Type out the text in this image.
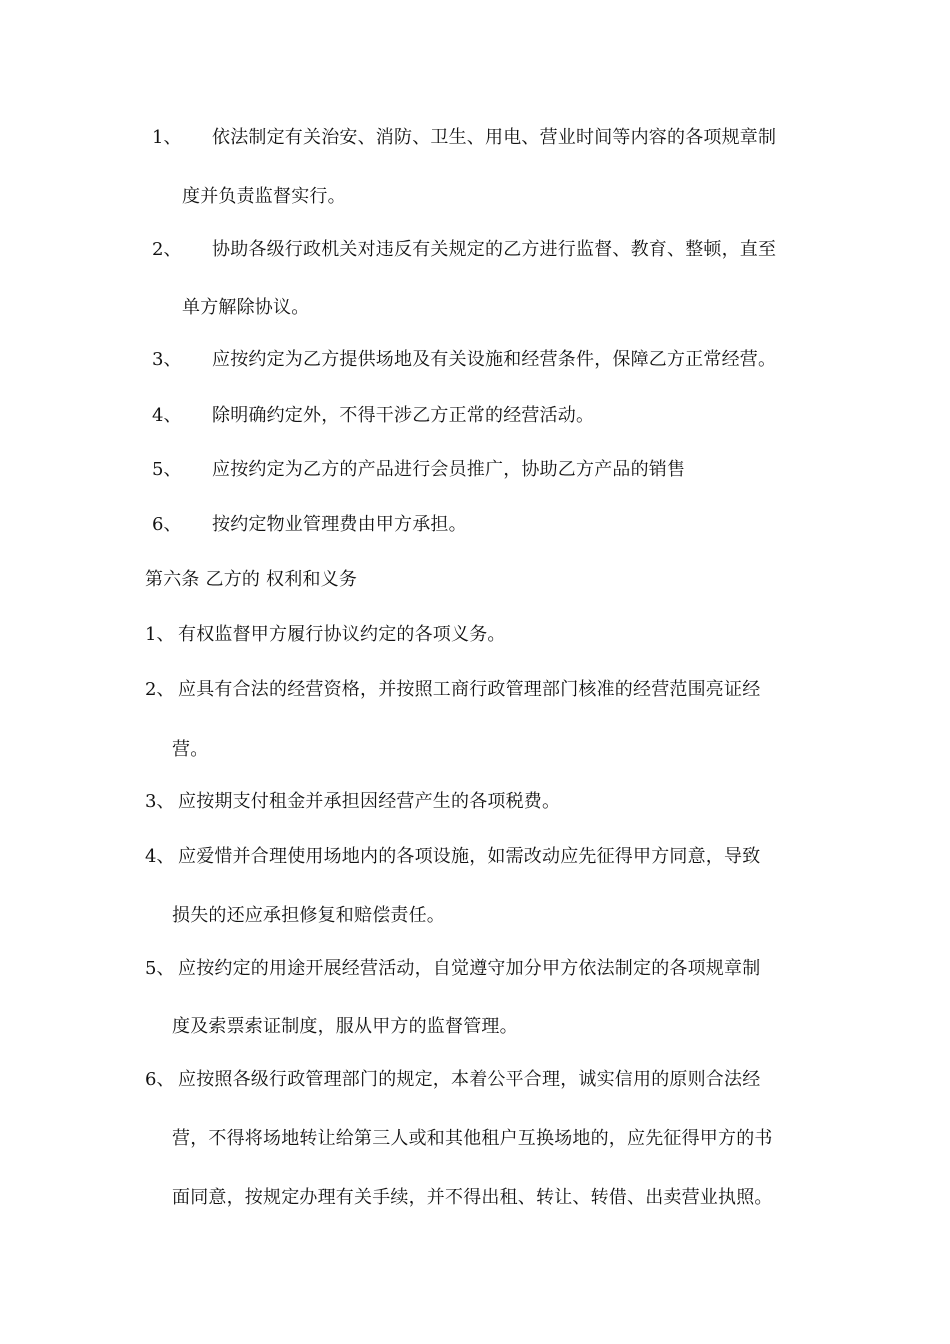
1、 依法制定有关治安、消防、卫生、用电、营业时间等内容的各项规章制
度并负责监督实行。
2、 协助各级行政机关对违反有关规定的乙方进行监督、教育、整顿，直至
单方解除协议。
3、 应按约定为乙方提供场地及有关设施和经营条件，保障乙方正常经营。
4、 除明确约定外，不得干涉乙方正常的经营活动。
5、 应按约定为乙方的产品进行会员推广，协助乙方产品的销售
6、 按约定物业管理费由甲方承担。
第六条 乙方的 权利和义务
1、 有权监督甲方履行协议约定的各项义务。
2、 应具有合法的经营资格，并按照工商行政管理部门核准的经营范围亮证经
营。
3、 应按期支付租金并承担因经营产生的各项税费。
4、 应爱惜并合理使用场地内的各项设施，如需改动应先征得甲方同意，导致
损失的还应承担修复和赔偿责任。
5、 应按约定的用途开展经营活动，自觉遵守加分甲方依法制定的各项规章制
度及索票索证制度，服从甲方的监督管理。
6、 应按照各级行政管理部门的规定，本着公平合理，诚实信用的原则合法经
营，不得将场地转让给第三人或和其他租户互换场地的，应先征得甲方的书
面同意，按规定办理有关手续，并不得出租、转让、转借、出卖营业执照。
